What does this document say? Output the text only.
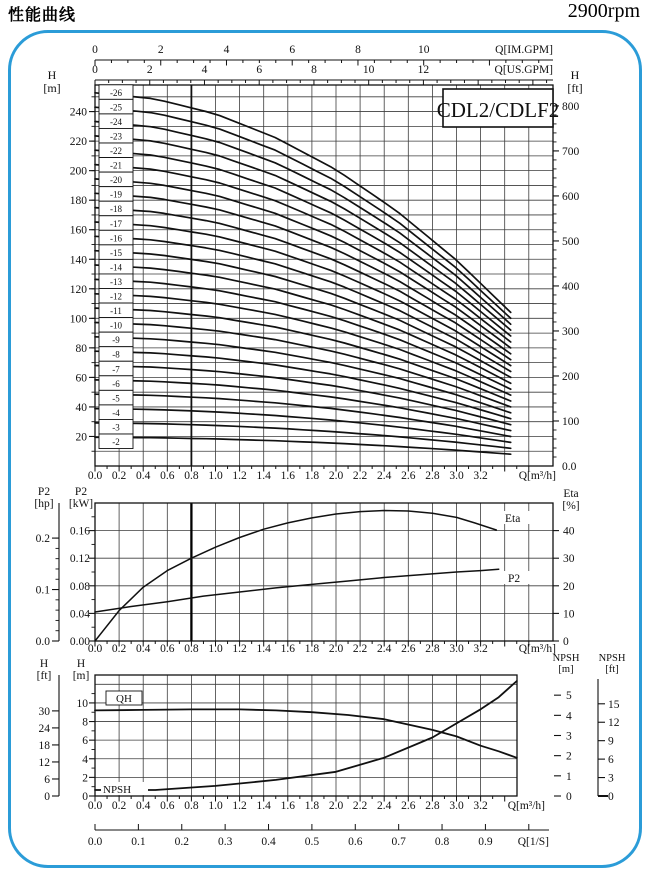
性能曲线	2900rpm
0	2	4	6	8	10	Q[IM.GPM]
0	2	4	6	8	10	12	Q[US.GPM]
H
[m]
H
[ft]
-26
-25
-24
-23
-22
-21
-20
-19
-18
-17
-16
-15
-14
-13
-12
-11
-10
-9
-8
-7
-6
-5
-4
-3
-2
20
40
60
80
100
120
140
160
180
200
220
240
100
200
300
400
500
600
700
800
0.0
0.0 0.2 0.4 0.6 0.8 1.0 1.2 1.4 1.6 1.8 2.0 2.2 2.4 2.6 2.8 3.0 3.2	Q[m³/h]
CDL2/CDLF2
0.00
0.04
0.08
0.12
0.16
0.0
0.1
0.2
0
10
20
30
40
P2
[hp]
P2
[kW]
Eta
[%]
0.0 0.2 0.4 0.6 0.8 1.0 1.2 1.4 1.6 1.8 2.0 2.2 2.4 2.6 2.8 3.0 3.2	Q[m³/h]
Eta
P2
0
2
4
6
8
10
0
6
12
18
24
30
0
1
2
3
4
5
0
3
6
9
12
15
H
[ft]
H
[m]
NPSH
[m]
NPSH
[ft]
0.0 0.2 0.4 0.6 0.8 1.0 1.2 1.4 1.6 1.8 2.0 2.2 2.4 2.6 2.8 3.0 3.2 Q[m³/h]
QH
NPSH
0.0	0.1	0.2	0.3	0.4	0.5	0.6	0.7	0.8	0.9 Q[1/S]
